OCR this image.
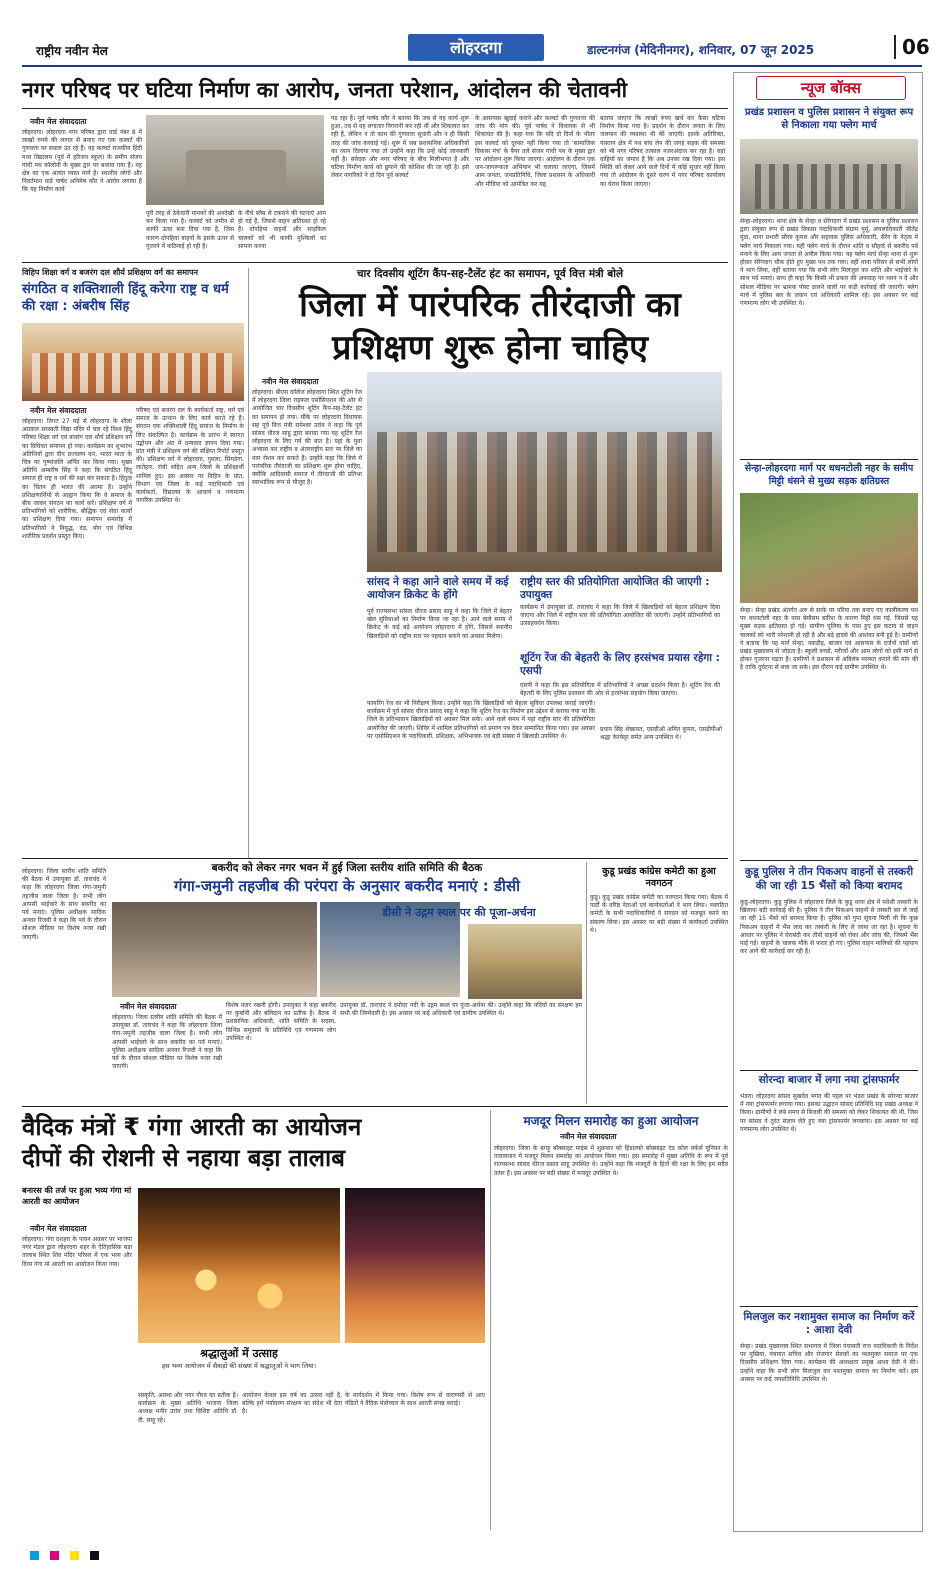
राष्ट्रीय नवीन मेल	लोहरदगा	डाल्टनगंज (मेदिनीनगर), शनिवार, 07 जून 2025	06
नगर परिषद पर घटिया निर्माण का आरोप, जनता परेशान, आंदोलन की चेतावनी
नवीन मेल संवाददाता
लोहरदगा। लोहरदगा नगर परिषद द्वारा वार्ड नंबर 8 में लाखों रुपये की लागत से बनाए गए एक कल्वर्ट की गुणवत्ता पर सवाल उठ रहे हैं। यह कल्वर्ट राजकीय हिंदी मध्य विद्यालय (पूर्व में हरिजन स्कूल) के समीप संजय गांधी पथ कॉलोनी के मुख्य द्वार पर बनाया गया है। यह क्षेत्र का एक अत्यंत व्यस्त मार्ग है। स्थानीय लोगों और निवर्तमान वार्ड पार्षद अनिमेष कौर ने आरोप लगाया है कि यह निर्माण कार्य
पूरी तरह से ठेकेदारी मानकों की अनदेखी कर किया गया है। कल्वर्ट को जमीन से काफी ऊंचा बना दिया गया है, जिस कारण दोपहिया वाहनों के इसके ऊपर से गुजरने में कठिनाई हो रही है।
के नीचे स्लैब से टकराने की घटनाएं आम हो गई हैं, जिससे वाहन क्षतिग्रस्त हो रहे हैं। दोपहिया वाहनों और साइकिल चालकों को भी काफी मुश्किलों का सामना करना
पड़ रहा है। पूर्व पार्षद कौर ने बताया कि जब से यह कार्य शुरू हुआ, तब से वह लगातार निगरानी कर रही थीं और शिकायत कर रही हैं, लेकिन न तो काम की गुणवत्ता सुधारी और न ही किसी तरह की जांच करवाई गई। शुरू में जब प्रशासनिक अधिकारियों का ध्यान दिलाया गया तो उन्होंने कहा कि उन्हें कोई जानकारी नहीं है। संवेदक और नगर परिषद के बीच मिलीभगत है और घटिया निर्माण कार्य को छुपाने की कोशिश की जा रही है। इसे लेकर नागरिकों ने दो दिन पूर्व कल्वर्ट
के आसपास खुदाई कराने और कल्वर्ट की गुणवत्ता की जांच की मांग की। पूर्व पार्षद ने विधायक से भी शिकायत की है। कहा गया कि यदि दो दिनों के भीतर इस कल्वर्ट को दुरुस्त नहीं किया गया तो 'सामाजिक विकास मंच' के बैनर तले संजय गांधी पथ के मुख्य द्वार पर आंदोलन शुरू किया जाएगा। आंदोलन के दौरान एक जन-जागरूकता अभियान भी चलाया जाएगा, जिसमें आम जनता, जनप्रतिनिधि, जिला प्रशासन के अधिकारी और मीडिया को आमंत्रित कर यह
बताया जाएगा कि लाखों रुपए खर्च कर कैसा घटिया निर्माण किया गया है। प्रदर्शन के दौरान जनता के लिए जलपान की व्यवस्था भी की जाएगी। इसके अतिरिक्त, पास्तान क्षेत्र में पथ बांध लेन की जगह सड़क की समस्या को भी नगर परिषद तत्काल नजरअंदाज कर रहा है। वहां वाहियों का जमाव है कि अब उनका रख दिया गया। इस स्थिति को लेकर आने वाले दिनों में कोई सुधार नहीं किया गया तो आंदोलन के दूसरे चरण में नगर परिषद कार्यालय का घेराव किया जाएगा।
न्यूज बॉक्स
प्रखंड प्रशासन व पुलिस प्रशासन ने संयुक्त रूप से निकाला गया फ्लेग मार्च
सेन्हा-लोहरदगा। थाना क्षेत्र के सेन्हा व सेरेंगदाग में प्रखंड प्रशासन व पुलिस प्रशासन द्वारा संयुक्त रूप से प्रखंड विकास पदाधिकारी संग्राम मुर्मू, अंचलाधिकारी जीतेंद्र मुंडा, थाना प्रभारी सौरव कुमार और सहायक पुलिस अधिकारी, सैरेंग के नेतृत्व में फ्लेग मार्च निकाला गया। यही फ्लेग मार्च के दौरान शांति व सौहार्द से बकरीद पर्व मनाने के लिए आम जनता से अपील किया गया। यह फ्लेग मार्च सेन्हा थाना से शुरू होकर सेरेंगदाग चौक होते हुए मुख्य पथ तक गया। वहीं थाना परिसर से सभी लोगों ने भाग लिया, वहीं बताया गया कि सभी लोग मिलजुल कर शांति और भाईचारे के साथ पर्व मनाएं। साथ ही कहा कि किसी भी प्रकार की अफवाह पर ध्यान न दें और सोशल मीडिया पर भ्रामक पोस्ट डालने वालों पर कड़ी कार्रवाई की जाएगी। फ्लेग मार्च में पुलिस बल के जवान एवं अधिकारी शामिल रहे। इस अवसर पर कई गणमान्य लोग भी उपस्थित थे।
सेन्हा-लोहरदगा मार्ग पर धधनटोली नहर के समीप मिट्टी धंसने से मुख्य सड़क क्षतिग्रस्त
सेन्हा। सेन्हा प्रखंड अंतर्गत अरु से साके पर परिया तक बनाए गए कालीकरण पथ पर धधनटोली नहर के पास बेमौसम बारिश के कारण मिट्टी धंस गई, जिससे यह मुख्य सड़क क्षतिग्रस्त हो गई। ग्रामीण पुलिया के पास हुए इस कटाव से वाहन चालकों को भारी परेशानी हो रही है और बड़े हादसे की आशंका बनी हुई है। ग्रामीणों ने बताया कि यह मार्ग सेन्हा, नवाडीह, बाजार एवं आसपास के दर्जनों गांवों को प्रखंड मुख्यालय से जोड़ता है। स्कूली बच्चों, मरीजों और आम लोगों को इसी मार्ग से होकर गुजरना पड़ता है। ग्रामीणों ने प्रशासन से अविलंब मरम्मत कराने की मांग की है ताकि दुर्घटना से बचा जा सके। इस दौरान कई ग्रामीण उपस्थित थे।
कुडू पुलिस ने तीन पिकअप वाहनों से तस्करी की जा रही 15 भैंसों को किया बरामद
कुडू-लोहरदगा। कुडू पुलिस ने लोहरदगा जिले के कुडू थाना क्षेत्र में मवेशी तस्करी के खिलाफ बड़ी कार्रवाई की है। पुलिस ने तीन पिकअप वाहनों से तस्करी कर ले जाई जा रही 15 भैंसों को बरामद किया है। पुलिस को गुप्त सूचना मिली थी कि कुछ पिकअप वाहनों में भैंस लाद कर तस्करी के लिए ले जाया जा रहा है। सूचना के आधार पर पुलिस ने घेराबंदी कर तीनों वाहनों को रोका और जांच की, जिसमें भैंस पाई गईं। वाहनों के चालक मौके से फरार हो गए। पुलिस वाहन मालिकों की पहचान कर आगे की कार्रवाई कर रही है।
सोरन्दा बाजार में लगा नया ट्रांसफार्मर
भंडरा। लोहरदगा सांसद सुखदेव भगत की पहल पर भंडरा प्रखंड के सोरन्दा बाजार में नया ट्रांसफार्मर लगाया गया। इसका उद्घाटन सांसद प्रतिनिधि सह प्रखंड अध्यक्ष ने किया। ग्रामीणों ने लंबे समय से बिजली की समस्या को लेकर शिकायत की थी, जिस पर सांसद ने तुरंत संज्ञान लेते हुए नया ट्रांसफार्मर लगवाया। इस अवसर पर कई गणमान्य लोग उपस्थित थे।
मिलजुल कर नशामुक्त समाज का निर्माण करें : आशा देवी
सेन्हा। प्रखंड मुख्यालय स्थित सभागार में जिला पंचायती राज पदाधिकारी के निर्देश पर मुखिया, पंचायत सचिव और रोजगार सेवकों का नशामुक्त समाज पर एक दिवसीय प्रशिक्षण दिया गया। कार्यक्रम की अध्यक्षता प्रमुख आशा देवी ने की। उन्होंने कहा कि सभी लोग मिलजुल कर नशामुक्त समाज का निर्माण करें। इस अवसर पर कई जनप्रतिनिधि उपस्थित थे।
विहिप शिक्षा वर्ग व बजरंग दल शौर्य प्रशिक्षण वर्ग का समापन
संगठित व शक्तिशाली हिंदू करेगा राष्ट्र व धर्म की रक्षा : अंबरीष सिंह
नवीन मेल संवाददाता
लोहरदगा। विगत 27 मई से लोहरदगा के शीला अग्रवाल सरस्वती विद्या मंदिर में चल रहे विश्व हिंदू परिषद शिक्षा वर्ग एवं बजरंग दल शौर्य प्रशिक्षण वर्ग का विधिवत समापन हो गया। कार्यक्रम का शुभारंभ अतिथियों द्वारा दीप प्रज्वलन कर, भारत माता के चित्र पर पुष्पांजलि अर्पित कर किया गया। मुख्य अतिथि अम्बरीष सिंह ने कहा कि संगठित हिंदू समाज ही राष्ट्र व धर्म की रक्षा कर सकता है। हिंदुत्व का चिंतन ही भारत की आत्मा है। उन्होंने प्रशिक्षणार्थियों से आह्वान किया कि वे समाज के बीच जाकर संगठन का कार्य करें। प्रशिक्षण वर्ग में प्रतिभागियों को शारीरिक, बौद्धिक एवं सेवा कार्यों का प्रशिक्षण दिया गया। समापन समारोह में प्रतिभागियों ने नियुद्ध, दंड, योग एवं विभिन्न शारीरिक प्रदर्शन प्रस्तुत किए।
परिषद एवं बजरंग दल के कार्यकर्ता राष्ट्र, धर्म एवं समाज के उत्थान के लिए कार्य करते रहे हैं। संगठन एक शक्तिशाली हिंदू समाज के निर्माण के लिए संकल्पित है। कार्यक्रम के प्रारंभ में स्वागत उद्बोधन और अंत में धन्यवाद ज्ञापन दिया गया। प्रांत मंत्री ने प्रशिक्षण वर्ग की संक्षिप्त रिपोर्ट प्रस्तुत की। प्रशिक्षण वर्ग में लोहरदगा, गुमला, सिमडेगा, लातेहार, रांची सहित अन्य जिलों के प्रशिक्षार्थी शामिल हुए। इस अवसर पर विहिप के प्रांत, विभाग एवं जिला के कई पदाधिकारी एवं कार्यकर्ता, विद्यालय के आचार्य व गणमान्य नागरिक उपस्थित थे।
चार दिवसीय शूटिंग कैंप-सह-टैलेंट हंट का समापन, पूर्व वित्त मंत्री बोले
जिला में पारंपरिक तीरंदाजी का प्रशिक्षण शुरू होना चाहिए
नवीन मेल संवाददाता
लोहरदगा। बीएस कॉलेज लोहरदगा स्थित शूटिंग रेंज में लोहरदगा जिला राइफल एसोसिएशन की ओर से आयोजित चार दिवसीय शूटिंग कैंप-सह-टैलेंट हंट का समापन हो गया। मौके पर लोहरदगा विधायक सह पूर्व वित्त मंत्री रामेश्वर उरांव ने कहा कि पूर्व सांसद धीरज साहू द्वारा बनाया गया यह शूटिंग रेंज लोहरदगा के लिए गर्व की बात है। यहां के युवा अभ्यास कर राष्ट्रीय व अंतरराष्ट्रीय स्तर पर जिले का नाम रोशन कर सकते हैं। उन्होंने कहा कि जिले में पारंपरिक तीरंदाजी का प्रशिक्षण शुरू होना चाहिए, क्योंकि आदिवासी समाज में तीरंदाजी की प्रतिभा स्वाभाविक रूप से मौजूद है।
सांसद ने कहा आने वाले समय में कई आयोजन क्रिकेट के होंगे
पूर्व राज्यसभा सांसद धीरज प्रसाद साहू ने कहा कि जिले में बेहतर खेल सुविधाओं का निर्माण किया जा रहा है। आने वाले समय में क्रिकेट के कई बड़े आयोजन लोहरदगा में होंगे, जिससे स्थानीय खिलाड़ियों को राष्ट्रीय स्तर पर पहचान बनाने का अवसर मिलेगा।
राष्ट्रीय स्तर की प्रतियोगिता आयोजित की जाएगी : उपायुक्त
कार्यक्रम में उपायुक्त डॉ. ताराचंद ने कहा कि जिले में खिलाड़ियों को बेहतर प्रशिक्षण दिया जाएगा और जिले में राष्ट्रीय स्तर की प्रतियोगिता आयोजित की जाएगी। उन्होंने प्रतिभागियों का उत्साहवर्धन किया।
शूटिंग रेंज की बेहतरी के लिए हरसंभव प्रयास रहेगा : एसपी
एसपी ने कहा कि इस प्रतियोगिता में प्रतिभागियों ने अच्छा प्रदर्शन किया है। शूटिंग रेंज की बेहतरी के लिए पुलिस प्रशासन की ओर से हरसंभव सहयोग किया जाएगा।
प्रधान सिंह शेखावत, एसडीओ अमित कुमार, एसडीपीओ श्रद्धा केरकेट्टा समेत अन्य उपस्थित थे।
फायरिंग रेंज का भी निरीक्षण किया। उन्होंने कहा कि खिलाड़ियों को बेहतर सुविधा उपलब्ध कराई जाएगी। कार्यक्रम में पूर्व सांसद धीरज प्रसाद साहू ने कहा कि शूटिंग रेंज का निर्माण इस उद्देश्य से कराया गया था कि जिले के प्रतिभावान खिलाड़ियों को अवसर मिल सके। आने वाले समय में यहां राष्ट्रीय स्तर की प्रतियोगिता आयोजित की जाएगी। शिविर में शामिल प्रतिभागियों को प्रमाण पत्र देकर सम्मानित किया गया। इस अवसर पर एसोसिएशन के पदाधिकारी, प्रशिक्षक, अभिभावक एवं बड़ी संख्या में खिलाड़ी उपस्थित थे।
बकरीद को लेकर नगर भवन में हुई जिला स्तरीय शांति समिति की बैठक
गंगा-जमुनी तहजीब की परंपरा के अनुसार बकरीद मनाएं : डीसी
नवीन मेल संवाददाता
लोहरदगा। जिला स्तरीय शांति समिति की बैठक में उपायुक्त डॉ. ताराचंद ने कहा कि लोहरदगा जिला गंगा-जमुनी तहजीब वाला जिला है। सभी लोग आपसी भाईचारे के साथ बकरीद का पर्व मनाएं। पुलिस अधीक्षक सादिक अनवर रिजवी ने कहा कि पर्व के दौरान सोशल मीडिया पर विशेष नजर रखी जाएगी।
विशेष नजर रखनी होगी। उपायुक्त ने कहा बकरीद पर कुर्बानी और बलिदान का प्रतीक है। बैठक में प्रशासनिक अधिकारी, शांति समिति के सदस्य, विभिन्न समुदायों के प्रतिनिधि एवं गणमान्य लोग उपस्थित थे।
लोहरदगा। जिला स्तरीय शांति समिति की बैठक में उपायुक्त डॉ. ताराचंद ने कहा कि लोहरदगा जिला गंगा-जमुनी तहजीब वाला जिला है। सभी लोग आपसी भाईचारे के साथ बकरीद का पर्व मनाएं। पुलिस अधीक्षक सादिक अनवर रिजवी ने कहा कि पर्व के दौरान सोशल मीडिया पर विशेष नजर रखी जाएगी।
डीसी ने उद्गम स्थल पर की पूजा-अर्चना
उपायुक्त डॉ. ताराचंद ने दमोदर नदी के उद्गम स्थल पर पूजा-अर्चना की। उन्होंने कहा कि नदियों का संरक्षण हम सभी की जिम्मेदारी है। इस अवसर पर कई अधिकारी एवं ग्रामीण उपस्थित थे।
कुडू प्रखंड कांग्रेस कमेटी का हुआ नवगठन
कुडू। कुडू प्रखंड कांग्रेस कमेटी का नवगठन किया गया। बैठक में पार्टी के वरिष्ठ नेताओं एवं कार्यकर्ताओं ने भाग लिया। नवगठित कमेटी के सभी पदाधिकारियों ने संगठन को मजबूत करने का संकल्प लिया। इस अवसर पर बड़ी संख्या में कार्यकर्ता उपस्थित थे।
वैदिक मंत्रों ₹ गंगा आरती का आयोजन
दीपों की रोशनी से नहाया बड़ा तालाब
बनारस की तर्ज पर हुआ भव्य गंगा मां आरती का आयोजन
नवीन मेल संवाददाता
लोहरदगा। गंगा दशहरा के पावन अवसर पर भाजपा नगर मंडल द्वारा लोहरदगा शहर के ऐतिहासिक बड़ा तालाब स्थित शिव मंदिर परिसर में एक भव्य और दिव्य गंगा मां आरती का आयोजन किया गया।
श्रद्धालुओं में उत्साह
इस भव्य आयोजन में सैकड़ों की संख्या में श्रद्धालुओं ने भाग लिया।
संस्कृति, आस्था और नगर गौरव का प्रतीक है। कार्यक्रम के मुख्य अतिथि भाजपा जिला अध्यक्ष मनीर उरांव तथा विशिष्ट अतिथि डॉ. दी. साहू रहे।
आयोजन केवल इस वर्ष का उत्सव नहीं है, बल्कि हमें पर्यावरण संरक्षण का संदेश भी देता है।
के मार्गदर्शन में किया गया। विशेष रूप से वाराणसी से आए पंडितों ने वैदिक मंत्रोच्चार के साथ आरती संपन्न कराई।
मजदूर मिलन समारोह का हुआ आयोजन
नवीन मेल संवाददाता
लोहरदगा। जिला के बगड़ू बॉक्साइट माइंस में शुक्रवार को हिंडाल्को बॉक्साइट एंड कोल वर्कर्स यूनियन के तत्वावधान में मजदूर मिलन समारोह का आयोजन किया गया। इस समारोह में मुख्य अतिथि के रूप में पूर्व राज्यसभा सांसद धीरज प्रसाद साहू उपस्थित थे। उन्होंने कहा कि मजदूरों के हितों की रक्षा के लिए हम सदैव तत्पर हैं। इस अवसर पर बड़ी संख्या में मजदूर उपस्थित थे।
